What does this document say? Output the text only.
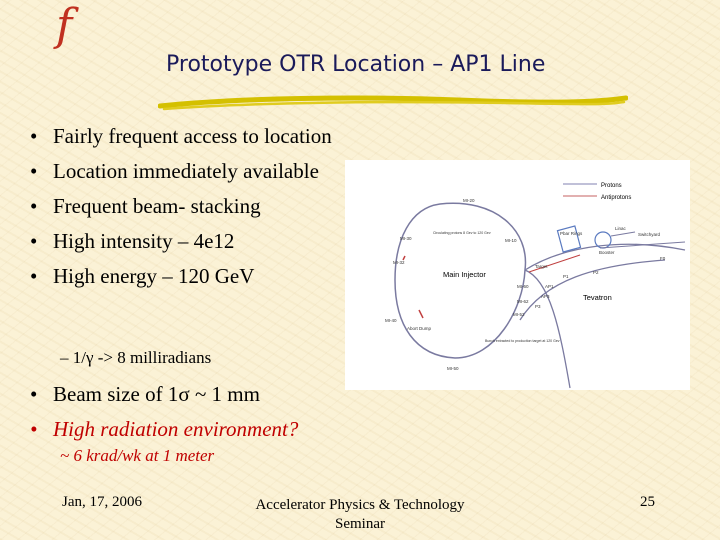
f
Prototype OTR Location – AP1 Line
• Fairly frequent access to location
• Location immediately available
• Frequent beam- stacking
• High intensity – 4e12
• High energy – 120 GeV
– 1/γ -> 8 milliradians
• Beam size of 1σ ~ 1 mm
• High radiation environment?
~ 6 krad/wk at 1 meter
Protons
Antiprotons
Main Injector
Tevatron
MI-20
MI-30
MI-32
MI-40
MI-50
MI-10
MI-60
MI-62
MI-52
Target
Linac
Booster
Switchyard
F0
P1
P2
AP1
AP3
P3
Abort Dump
Pbar Rings
Circulating protons 8 Gev to 120 Gev
Bunch extracted to production target at 120 Gev
Jan, 17, 2006	Accelerator Physics & Technology
Seminar
25
